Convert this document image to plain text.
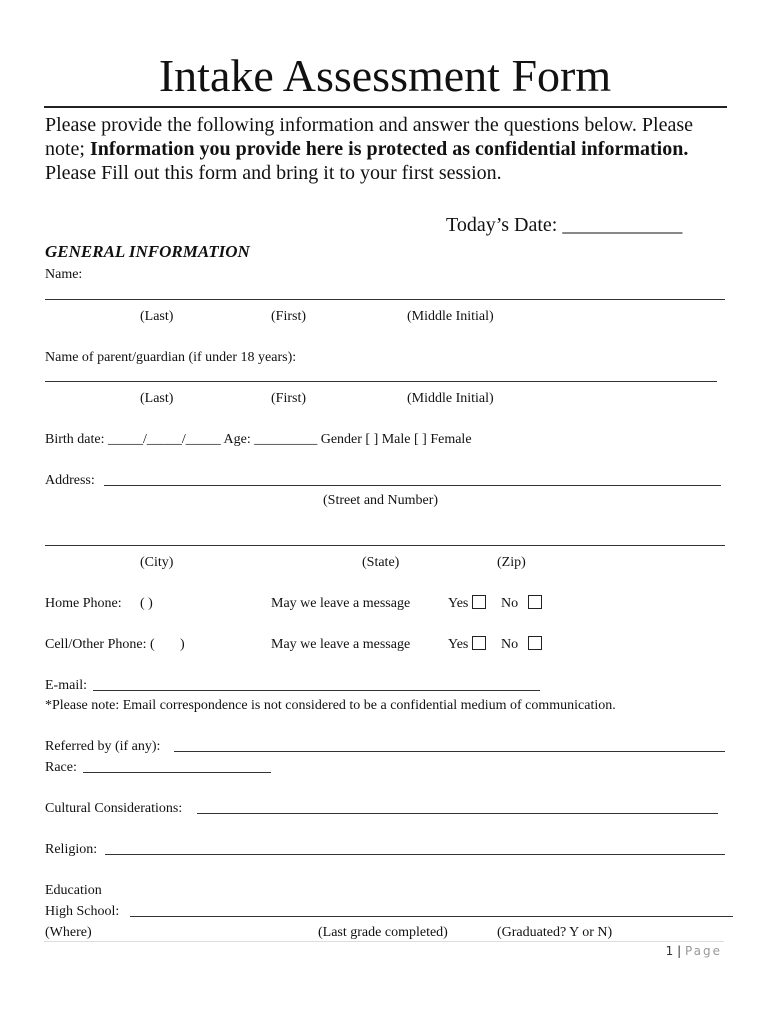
Intake Assessment Form
Please provide the following information and answer the questions below. Please
note; Information you provide here is protected as confidential information.
Please Fill out this form and bring it to your first session.
Today’s Date: ____________
GENERAL INFORMATION
Name:
(Last)	(First)	(Middle Initial)
Name of parent/guardian (if under 18 years):
(Last)	(First)	(Middle Initial)
Birth date: _____/_____/_____ Age: _________ Gender [ ] Male [ ] Female
Address:
(Street and Number)
(City)	(State)	(Zip)
Home Phone: ( )	May we leave a message	Yes	No
Cell/Other Phone: ( )	May we leave a message	Yes	No
E-mail:
*Please note: Email correspondence is not considered to be a confidential medium of communication.
Referred by (if any):
Race:
Cultural Considerations:
Religion:
Education
High School:
(Where)	(Last grade completed)	(Graduated? Y or N)
1 | Page
